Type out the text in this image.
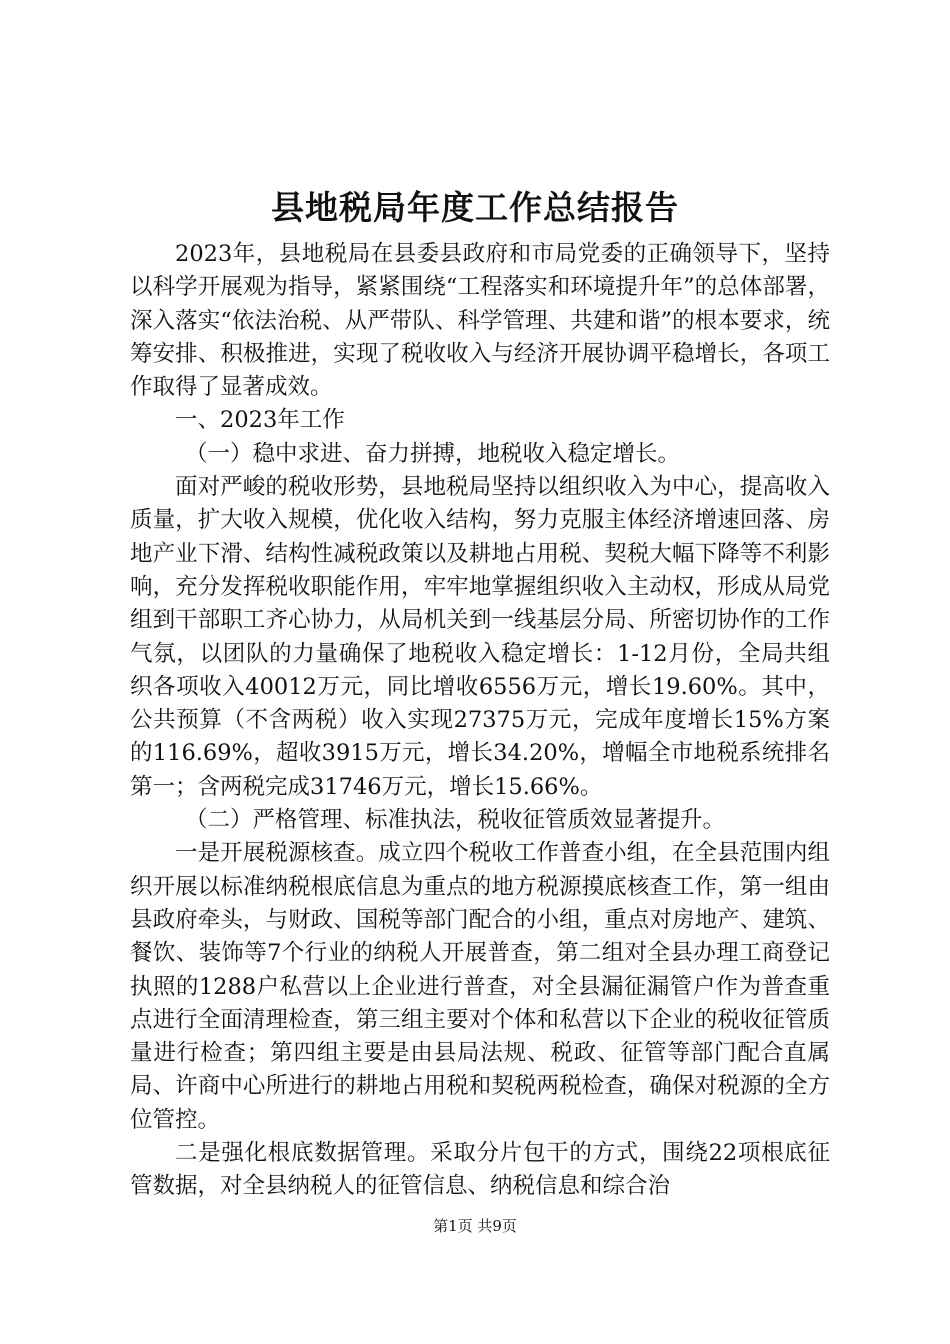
县地税局年度工作总结报告

2023年，县地税局在县委县政府和市局党委的正确领导下，坚持以科学开展观为指导，紧紧围绕“工程落实和环境提升年”的总体部署，深入落实“依法治税、从严带队、科学管理、共建和谐”的根本要求，统筹安排、积极推进，实现了税收收入与经济开展协调平稳增长，各项工作取得了显著成效。

一、2023年工作

（一）稳中求进、奋力拼搏，地税收入稳定增长。

面对严峻的税收形势，县地税局坚持以组织收入为中心，提高收入质量，扩大收入规模，优化收入结构，努力克服主体经济增速回落、房地产业下滑、结构性减税政策以及耕地占用税、契税大幅下降等不利影响，充分发挥税收职能作用，牢牢地掌握组织收入主动权，形成从局党组到干部职工齐心协力，从局机关到一线基层分局、所密切协作的工作气氛，以团队的力量确保了地税收入稳定增长：1-12月份，全局共组织各项收入40012万元，同比增收6556万元，增长19.60%。其中，公共预算（不含两税）收入实现27375万元，完成年度增长15%方案的116.69%，超收3915万元，增长34.20%，增幅全市地税系统排名第一；含两税完成31746万元，增长15.66%。

（二）严格管理、标准执法，税收征管质效显著提升。

一是开展税源核查。成立四个税收工作普查小组，在全县范围内组织开展以标准纳税根底信息为重点的地方税源摸底核查工作，第一组由县政府牵头，与财政、国税等部门配合的小组，重点对房地产、建筑、餐饮、装饰等7个行业的纳税人开展普查，第二组对全县办理工商登记执照的1288户私营以上企业进行普查，对全县漏征漏管户作为普查重点进行全面清理检查，第三组主要对个体和私营以下企业的税收征管质量进行检查；第四组主要是由县局法规、税政、征管等部门配合直属局、许商中心所进行的耕地占用税和契税两税检查，确保对税源的全方位管控。

二是强化根底数据管理。采取分片包干的方式，围绕22项根底征管数据，对全县纳税人的征管信息、纳税信息和综合治

第1页 共9页
